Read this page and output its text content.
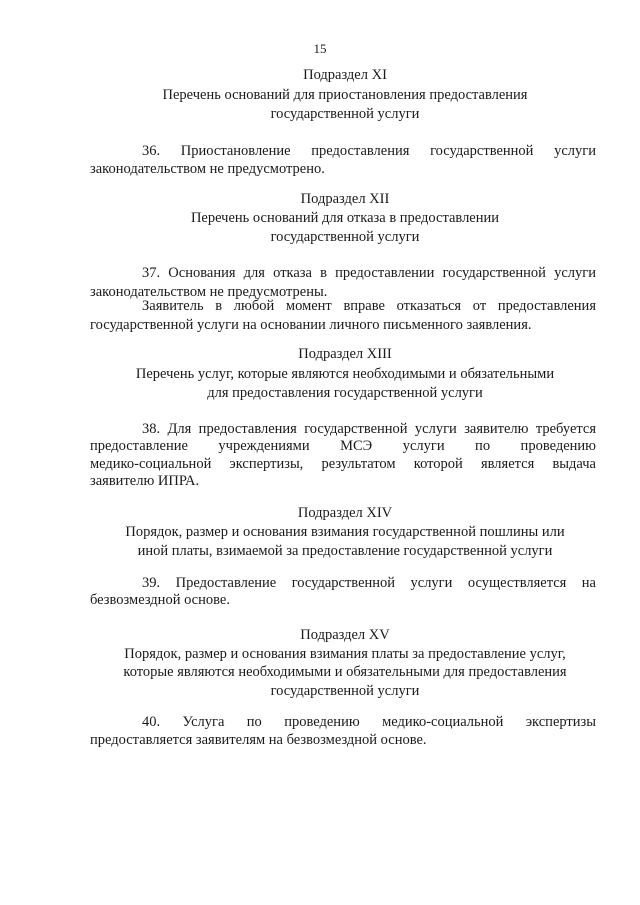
15
Подраздел XI
Перечень оснований для приостановления предоставления
государственной услуги
36. Приостановление предоставления государственной услуги
законодательством не предусмотрено.
Подраздел XII
Перечень оснований для отказа в предоставлении
государственной услуги
37. Основания для отказа в предоставлении государственной услуги
законодательством не предусмотрены.
Заявитель в любой момент вправе отказаться от предоставления
государственной услуги на основании личного письменного заявления.
Подраздел XIII
Перечень услуг, которые являются необходимыми и обязательными
для предоставления государственной услуги
38. Для предоставления государственной услуги заявителю требуется
предоставление учреждениями МСЭ услуги по проведению
медико-социальной экспертизы, результатом которой является выдача
заявителю ИПРА.
Подраздел XIV
Порядок, размер и основания взимания государственной пошлины или
иной платы, взимаемой за предоставление государственной услуги
39. Предоставление государственной услуги осуществляется на
безвозмездной основе.
Подраздел XV
Порядок, размер и основания взимания платы за предоставление услуг,
которые являются необходимыми и обязательными для предоставления
государственной услуги
40. Услуга по проведению медико-социальной экспертизы
предоставляется заявителям на безвозмездной основе.
